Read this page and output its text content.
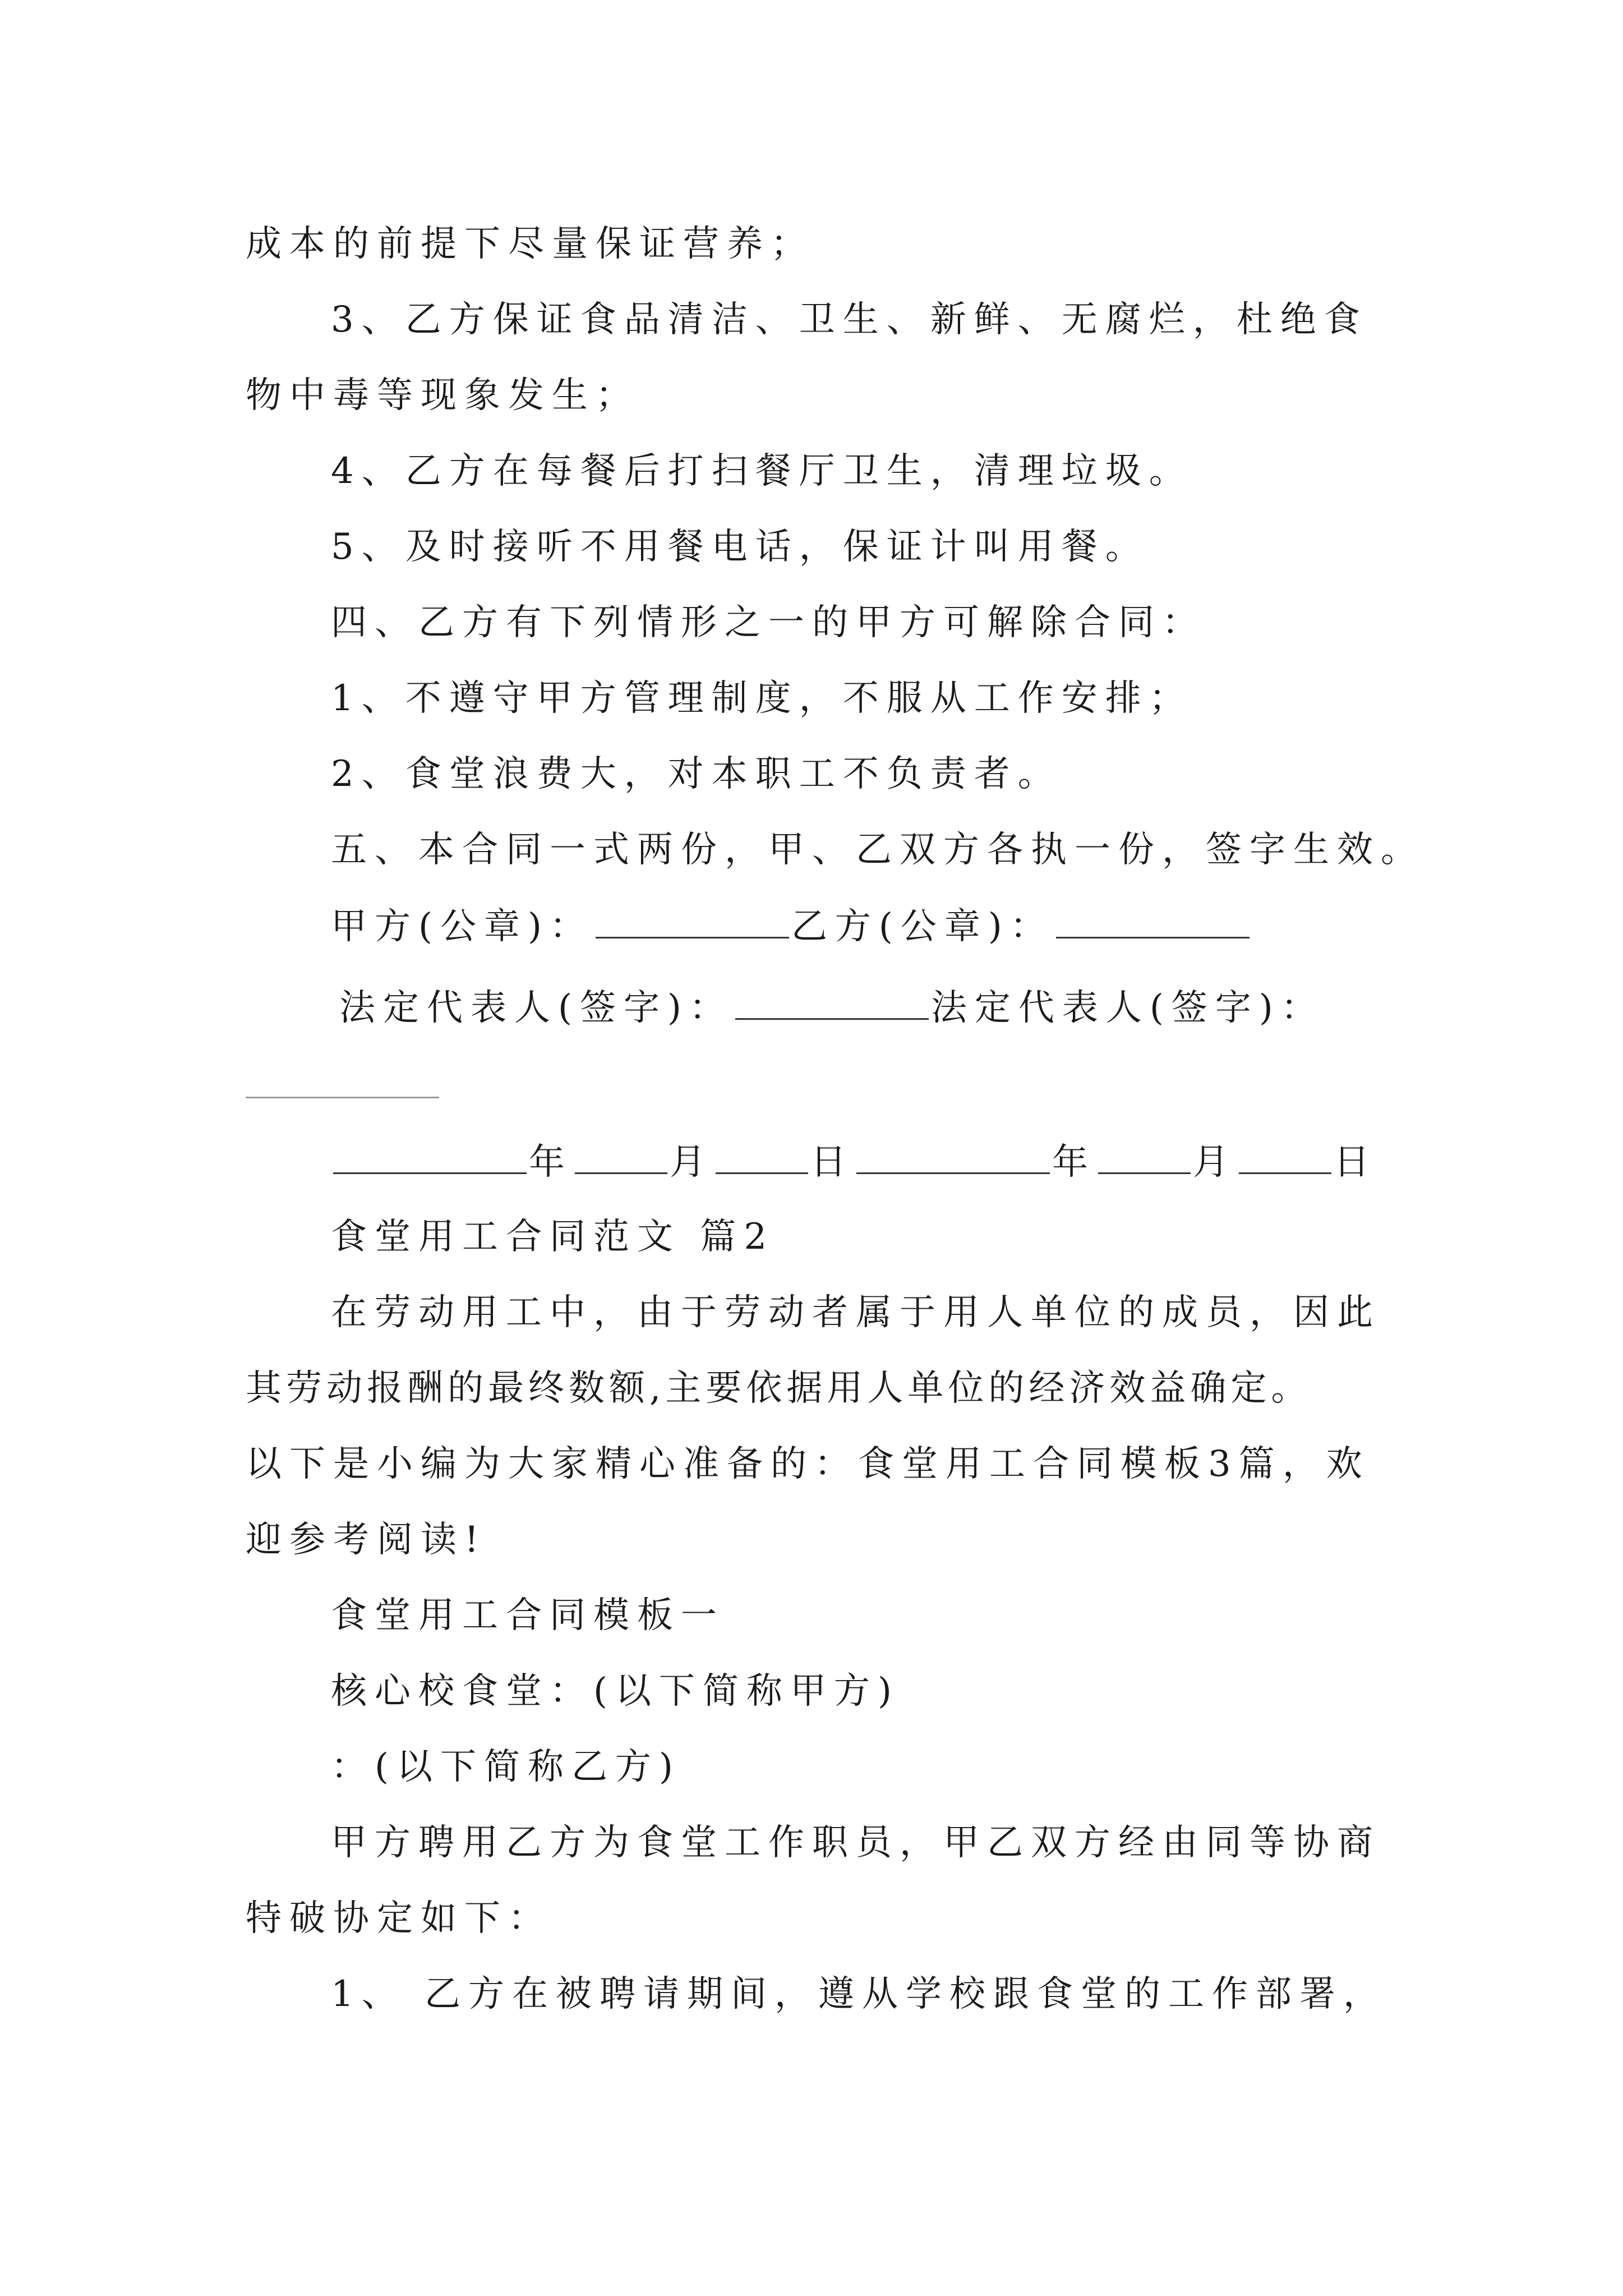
成本的前提下尽量保证营养；
3、乙方保证食品清洁、卫生、新鲜、无腐烂，杜绝食
物中毒等现象发生；
4、乙方在每餐后打扫餐厅卫生，清理垃圾。
5、及时接听不用餐电话，保证计叫用餐。
四、乙方有下列情形之一的甲方可解除合同：
1、不遵守甲方管理制度，不服从工作安排；
2、食堂浪费大，对本职工不负责者。
五、本合同一式两份，甲、乙双方各执一份，签字生效。
甲方(公章)：	乙方(公章)：
法定代表人(签字)：	法定代表人(签字)：
年	月	日	年	月	日
食堂用工合同范文 篇2
在劳动用工中，由于劳动者属于用人单位的成员，因此
其劳动报酬的最终数额,主要依据用人单位的经济效益确定。
以下是小编为大家精心准备的：食堂用工合同模板3篇，欢
迎参考阅读!
食堂用工合同模板一
核心校食堂：(以下简称甲方)
：(以下简称乙方)
甲方聘用乙方为食堂工作职员，甲乙双方经由同等协商
特破协定如下：
1、 乙方在被聘请期间，遵从学校跟食堂的工作部署，
